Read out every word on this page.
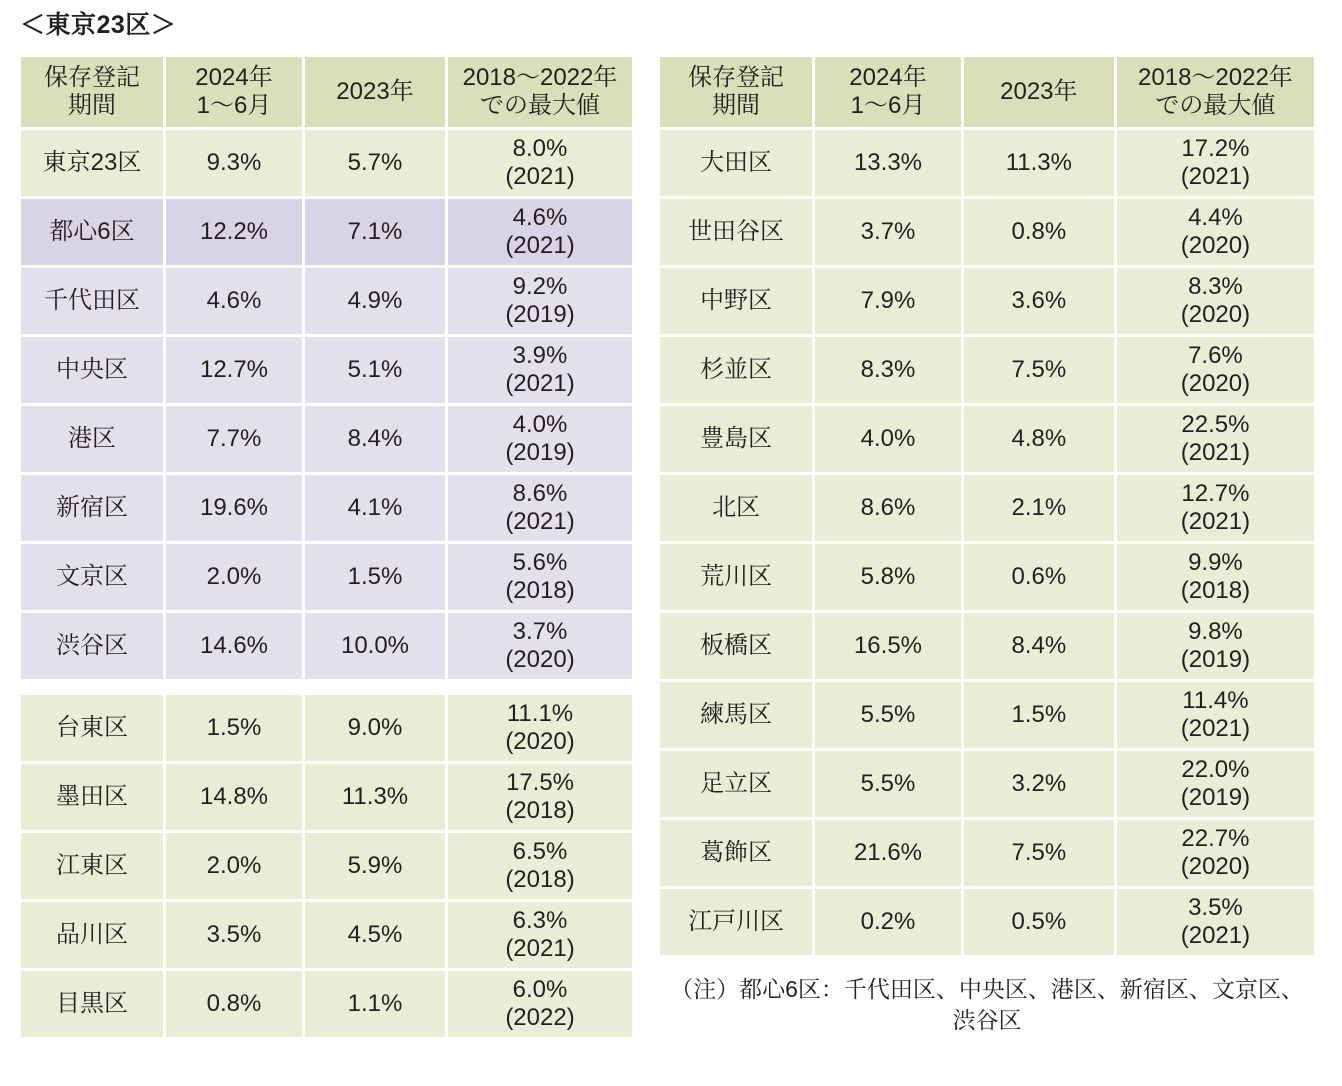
＜東京23区＞
保存登記
期間	2024年
1〜6月	2023年	2018〜2022年
での最大値

東京23区	9.3%	5.7%	8.0%
(2021)

都心6区	12.2%	7.1%	4.6%
(2021)

千代田区	4.6%	4.9%	9.2%
(2019)

中央区	12.7%	5.1%	3.9%
(2021)

港区	7.7%	8.4%	4.0%
(2019)

新宿区	19.6%	4.1%	8.6%
(2021)

文京区	2.0%	1.5%	5.6%
(2018)

渋谷区	14.6%	10.0%	3.7%
(2020)

台東区	1.5%	9.0%	11.1%
(2020)

墨田区	14.8%	11.3%	17.5%
(2018)

江東区	2.0%	5.9%	6.5%
(2018)

品川区	3.5%	4.5%	6.3%
(2021)

目黒区	0.8%	1.1%	6.0%
(2022)
保存登記
期間	2024年
1〜6月	2023年	2018〜2022年
での最大値

大田区	13.3%	11.3%	17.2%
(2021)

世田谷区	3.7%	0.8%	4.4%
(2020)

中野区	7.9%	3.6%	8.3%
(2020)

杉並区	8.3%	7.5%	7.6%
(2020)

豊島区	4.0%	4.8%	22.5%
(2021)

北区	8.6%	2.1%	12.7%
(2021)

荒川区	5.8%	0.6%	9.9%
(2018)

板橋区	16.5%	8.4%	9.8%
(2019)

練馬区	5.5%	1.5%	11.4%
(2021)

足立区	5.5%	3.2%	22.0%
(2019)

葛飾区	21.6%	7.5%	22.7%
(2020)

江戸川区	0.2%	0.5%	3.5%
(2021)
（注）都心6区：千代田区、中央区、港区、新宿区、文京区、
渋谷区
